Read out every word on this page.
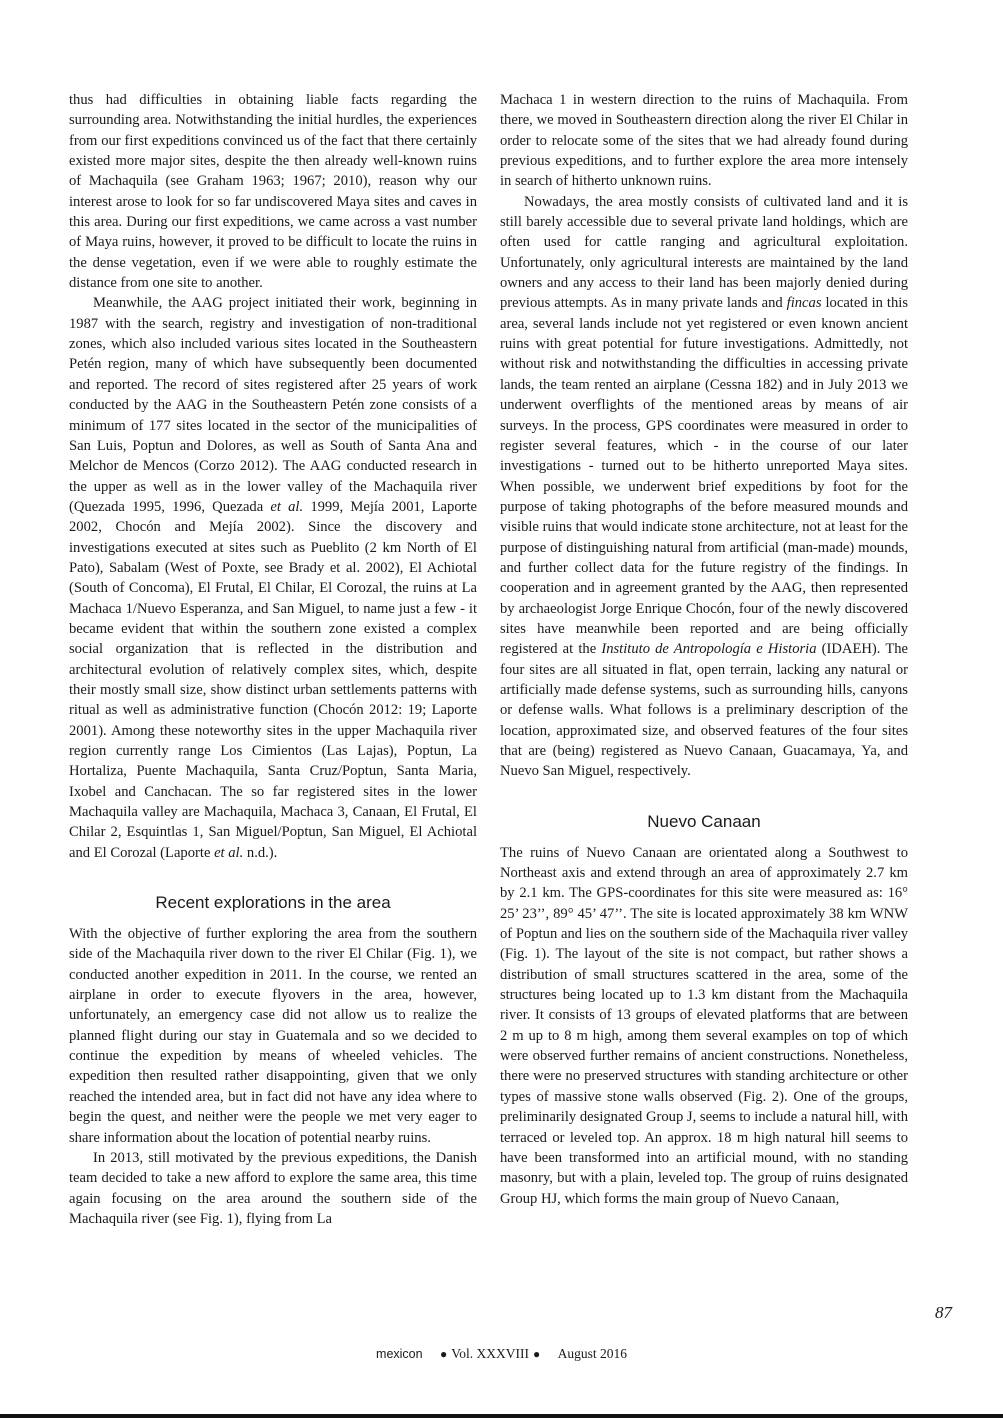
thus had difficulties in obtaining liable facts regarding the surrounding area. Notwithstanding the initial hurdles, the experiences from our first expeditions convinced us of the fact that there certainly existed more major sites, despite the then already well-known ruins of Machaquila (see Graham 1963; 1967; 2010), reason why our interest arose to look for so far undiscovered Maya sites and caves in this area. During our first expeditions, we came across a vast number of Maya ruins, however, it proved to be difficult to locate the ruins in the dense vegetation, even if we were able to roughly estimate the distance from one site to another.

Meanwhile, the AAG project initiated their work, beginning in 1987 with the search, registry and investigation of non-traditional zones, which also included various sites located in the Southeastern Petén region, many of which have subsequently been documented and reported. The record of sites registered after 25 years of work conducted by the AAG in the Southeastern Petén zone consists of a minimum of 177 sites located in the sector of the municipalities of San Luis, Poptun and Dolores, as well as South of Santa Ana and Melchor de Mencos (Corzo 2012). The AAG conducted research in the upper as well as in the lower valley of the Machaquila river (Quezada 1995, 1996, Quezada et al. 1999, Mejía 2001, Laporte 2002, Chocón and Mejía 2002). Since the discovery and investigations executed at sites such as Pueblito (2 km North of El Pato), Sabalam (West of Poxte, see Brady et al. 2002), El Achiotal (South of Concoma), El Frutal, El Chilar, El Corozal, the ruins at La Machaca 1/Nuevo Esperanza, and San Miguel, to name just a few - it became evident that within the southern zone existed a complex social organization that is reflected in the distribution and architectural evolution of relatively complex sites, which, despite their mostly small size, show distinct urban settlements patterns with ritual as well as administrative function (Chocón 2012: 19; Laporte 2001). Among these noteworthy sites in the upper Machaquila river region currently range Los Cimientos (Las Lajas), Poptun, La Hortaliza, Puente Machaquila, Santa Cruz/Poptun, Santa Maria, Ixobel and Canchacan. The so far registered sites in the lower Machaquila valley are Machaquila, Machaca 3, Canaan, El Frutal, El Chilar 2, Esquintlas 1, San Miguel/Poptun, San Miguel, El Achiotal and El Corozal (Laporte et al. n.d.).

Recent explorations in the area

With the objective of further exploring the area from the southern side of the Machaquila river down to the river El Chilar (Fig. 1), we conducted another expedition in 2011. In the course, we rented an airplane in order to execute flyovers in the area, however, unfortunately, an emergency case did not allow us to realize the planned flight during our stay in Guatemala and so we decided to continue the expedition by means of wheeled vehicles. The expedition then resulted rather disappointing, given that we only reached the intended area, but in fact did not have any idea where to begin the quest, and neither were the people we met very eager to share information about the location of potential nearby ruins.

In 2013, still motivated by the previous expeditions, the Danish team decided to take a new afford to explore the same area, this time again focusing on the area around the southern side of the Machaquila river (see Fig. 1), flying from La

Machaca 1 in western direction to the ruins of Machaquila. From there, we moved in Southeastern direction along the river El Chilar in order to relocate some of the sites that we had already found during previous expeditions, and to further explore the area more intensely in search of hitherto unknown ruins.

Nowadays, the area mostly consists of cultivated land and it is still barely accessible due to several private land holdings, which are often used for cattle ranging and agricultural exploitation. Unfortunately, only agricultural interests are maintained by the land owners and any access to their land has been majorly denied during previous attempts. As in many private lands and fincas located in this area, several lands include not yet registered or even known ancient ruins with great potential for future investigations. Admittedly, not without risk and notwithstanding the difficulties in accessing private lands, the team rented an airplane (Cessna 182) and in July 2013 we underwent overflights of the mentioned areas by means of air surveys. In the process, GPS coordinates were measured in order to register several features, which - in the course of our later investigations - turned out to be hitherto unreported Maya sites. When possible, we underwent brief expeditions by foot for the purpose of taking photographs of the before measured mounds and visible ruins that would indicate stone architecture, not at least for the purpose of distinguishing natural from artificial (man-made) mounds, and further collect data for the future registry of the findings. In cooperation and in agreement granted by the AAG, then represented by archaeologist Jorge Enrique Chocón, four of the newly discovered sites have meanwhile been reported and are being officially registered at the Instituto de Antropología e Historia (IDAEH). The four sites are all situated in flat, open terrain, lacking any natural or artificially made defense systems, such as surrounding hills, canyons or defense walls. What follows is a preliminary description of the location, approximated size, and observed features of the four sites that are (being) registered as Nuevo Canaan, Guacamaya, Ya, and Nuevo San Miguel, respectively.

Nuevo Canaan

The ruins of Nuevo Canaan are orientated along a Southwest to Northeast axis and extend through an area of approximately 2.7 km by 2.1 km. The GPS-coordinates for this site were measured as: 16° 25’ 23’’, 89° 45’ 47’’. The site is located approximately 38 km WNW of Poptun and lies on the southern side of the Machaquila river valley (Fig. 1). The layout of the site is not compact, but rather shows a distribution of small structures scattered in the area, some of the structures being located up to 1.3 km distant from the Machaquila river. It consists of 13 groups of elevated platforms that are between 2 m up to 8 m high, among them several examples on top of which were observed further remains of ancient constructions. Nonetheless, there were no preserved structures with standing architecture or other types of massive stone walls observed (Fig. 2). One of the groups, preliminarily designated Group J, seems to include a natural hill, with terraced or leveled top. An approx. 18 m high natural hill seems to have been transformed into an artificial mound, with no standing masonry, but with a plain, leveled top. The group of ruins designated Group HJ, which forms the main group of Nuevo Canaan,

87
mexicon ● Vol. XXXVIII ● August 2016
